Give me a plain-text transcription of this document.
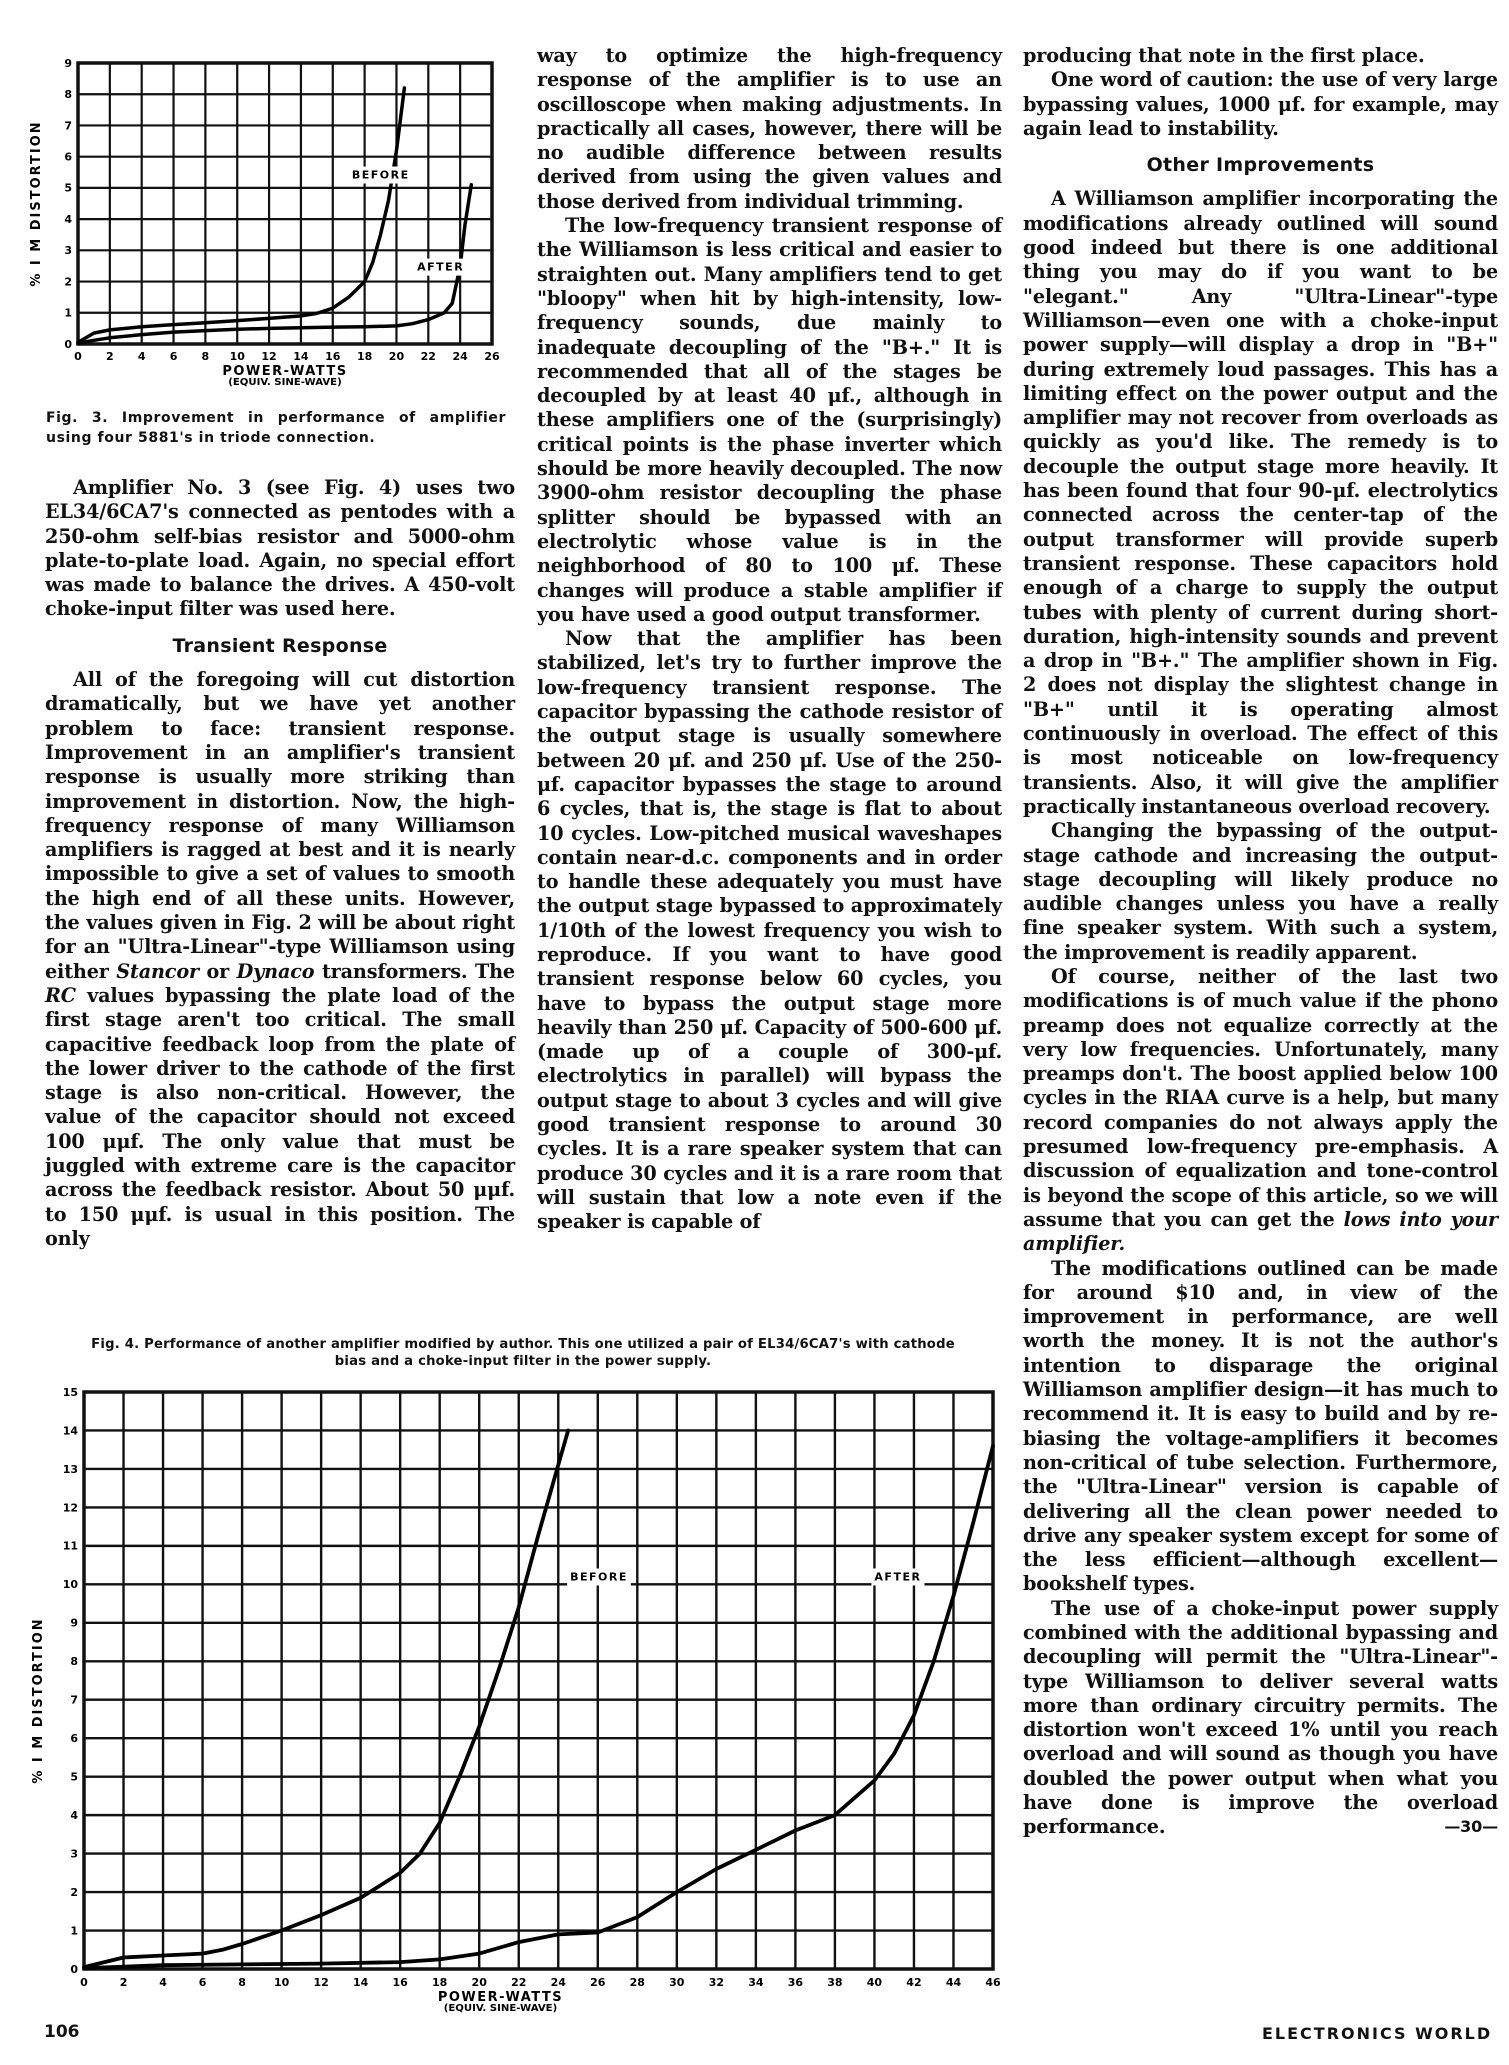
0 2 4 6 8 10 12 14 16 18 20 22 24 26
0
1
2
3
4
5
6
7
8
9
POWER-WATTS
(EQUIV. SINE-WAVE)
% I M DISTORTION	BEFORE
AFTER
Fig. 3. Improvement in performance of amplifier using four 5881's in triode connection.

Amplifier No. 3 (see Fig. 4) uses two EL34/6CA7's connected as pentodes with a 250-ohm self-bias resistor and 5000-ohm plate-to-plate load. Again, no special effort was made to balance the drives. A 450-volt choke-input filter was used here.

Transient Response

All of the foregoing will cut distortion dramatically, but we have yet another problem to face: transient response. Improvement in an amplifier's transient response is usually more striking than improvement in distortion. Now, the high-frequency response of many Williamson amplifiers is ragged at best and it is nearly impossible to give a set of values to smooth the high end of all these units. However, the values given in Fig. 2 will be about right for an "Ultra-Linear"-type Williamson using either Stancor or Dynaco transformers. The RC values bypassing the plate load of the first stage aren't too critical. The small capacitive feedback loop from the plate of the lower driver to the cathode of the first stage is also non-critical. However, the value of the capacitor should not exceed 100 μμf. The only value that must be juggled with extreme care is the capacitor across the feedback resistor. About 50 μμf. to 150 μμf. is usual in this position. The only

way to optimize the high-frequency response of the amplifier is to use an oscilloscope when making adjustments. In practically all cases, however, there will be no audible difference between results derived from using the given values and those derived from individual trimming.

The low-frequency transient response of the Williamson is less critical and easier to straighten out. Many amplifiers tend to get "bloopy" when hit by high-intensity, low-frequency sounds, due mainly to inadequate decoupling of the "B+." It is recommended that all of the stages be decoupled by at least 40 μf., although in these amplifiers one of the (surprisingly) critical points is the phase inverter which should be more heavily decoupled. The now 3900-ohm resistor decoupling the phase splitter should be bypassed with an electrolytic whose value is in the neighborhood of 80 to 100 μf. These changes will produce a stable amplifier if you have used a good output transformer.

Now that the amplifier has been stabilized, let's try to further improve the low-frequency transient response. The capacitor bypassing the cathode resistor of the output stage is usually somewhere between 20 μf. and 250 μf. Use of the 250-μf. capacitor bypasses the stage to around 6 cycles, that is, the stage is flat to about 10 cycles. Low-pitched musical waveshapes contain near-d.c. components and in order to handle these adequately you must have the output stage bypassed to approximately 1/10th of the lowest frequency you wish to reproduce. If you want to have good transient response below 60 cycles, you have to bypass the output stage more heavily than 250 μf. Capacity of 500-600 μf. (made up of a couple of 300-μf. electrolytics in parallel) will bypass the output stage to about 3 cycles and will give good transient response to around 30 cycles. It is a rare speaker system that can produce 30 cycles and it is a rare room that will sustain that low a note even if the speaker is capable of

producing that note in the first place.

One word of caution: the use of very large bypassing values, 1000 μf. for example, may again lead to instability.

Other Improvements

A Williamson amplifier incorporating the modifications already outlined will sound good indeed but there is one additional thing you may do if you want to be "elegant." Any "Ultra-Linear"-type Williamson—even one with a choke-input power supply—will display a drop in "B+" during extremely loud passages. This has a limiting effect on the power output and the amplifier may not recover from overloads as quickly as you'd like. The remedy is to decouple the output stage more heavily. It has been found that four 90-μf. electrolytics connected across the center-tap of the output transformer will provide superb transient response. These capacitors hold enough of a charge to supply the output tubes with plenty of current during short-duration, high-intensity sounds and prevent a drop in "B+." The amplifier shown in Fig. 2 does not display the slightest change in "B+" until it is operating almost continuously in overload. The effect of this is most noticeable on low-frequency transients. Also, it will give the amplifier practically instantaneous overload recovery.

Changing the bypassing of the output-stage cathode and increasing the output-stage decoupling will likely produce no audible changes unless you have a really fine speaker system. With such a system, the improvement is readily apparent.

Of course, neither of the last two modifications is of much value if the phono preamp does not equalize correctly at the very low frequencies. Unfortunately, many preamps don't. The boost applied below 100 cycles in the RIAA curve is a help, but many record companies do not always apply the presumed low-frequency pre-emphasis. A discussion of equalization and tone-control is beyond the scope of this article, so we will assume that you can get the lows into your amplifier.

The modifications outlined can be made for around $10 and, in view of the improvement in performance, are well worth the money. It is not the author's intention to disparage the original Williamson amplifier design—it has much to recommend it. It is easy to build and by re-biasing the voltage-amplifiers it becomes non-critical of tube selection. Furthermore, the "Ultra-Linear" version is capable of delivering all the clean power needed to drive any speaker system except for some of the less efficient—although excellent—bookshelf types.

The use of a choke-input power supply combined with the additional bypassing and decoupling will permit the "Ultra-Linear"-type Williamson to deliver several watts more than ordinary circuitry permits. The distortion won't exceed 1% until you reach overload and will sound as though you have doubled the power output when what you have done is improve the overload performance.	—30—

Fig. 4. Performance of another amplifier modified by author. This one utilized a pair of EL34/6CA7's with cathode bias and a choke-input filter in the power supply.
0	2	4	6	8	10 12 14 16 18 20 22 24 26 28 30 32 34 36 38 40 42 44 46
0
1
2
3
4
5
6
7
8
9
10
11
12
13
14
15
POWER-WATTS
(EQUIV. SINE-WAVE)
% I M DISTORTION
BEFORE	AFTER
106	ELECTRONICS WORLD
